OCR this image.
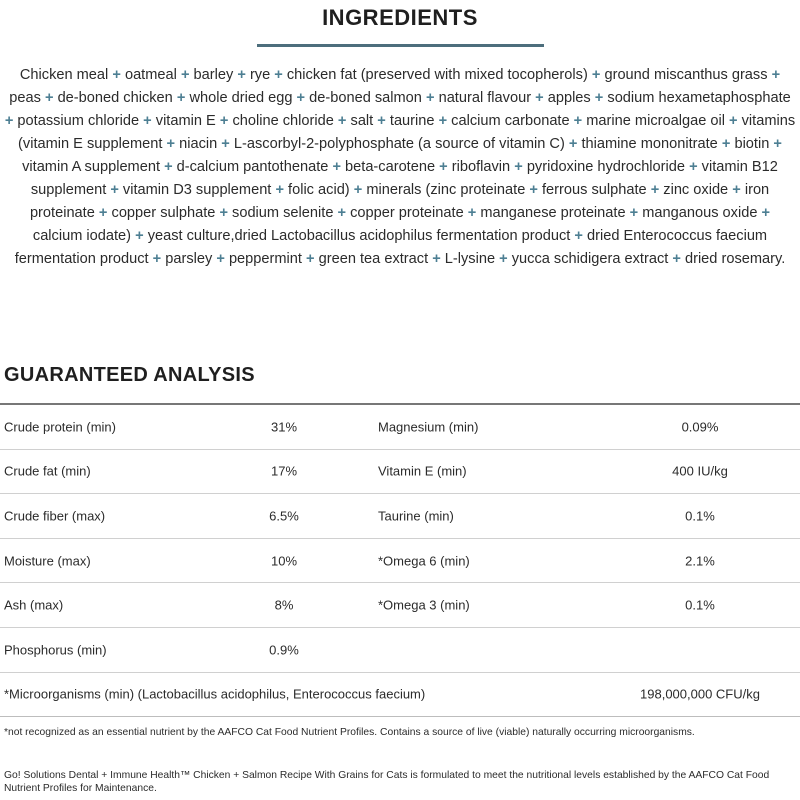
INGREDIENTS
Chicken meal + oatmeal + barley + rye + chicken fat (preserved with mixed tocopherols) + ground miscanthus grass + peas + de-boned chicken + whole dried egg + de-boned salmon + natural flavour + apples + sodium hexametaphosphate + potassium chloride + vitamin E + choline chloride + salt + taurine + calcium carbonate + marine microalgae oil + vitamins (vitamin E supplement + niacin + L-ascorbyl-2-polyphosphate (a source of vitamin C) + thiamine mononitrate + biotin + vitamin A supplement + d-calcium pantothenate + beta-carotene + riboflavin + pyridoxine hydrochloride + vitamin B12 supplement + vitamin D3 supplement + folic acid) + minerals (zinc proteinate + ferrous sulphate + zinc oxide + iron proteinate + copper sulphate + sodium selenite + copper proteinate + manganese proteinate + manganous oxide + calcium iodate) + yeast culture,dried Lactobacillus acidophilus fermentation product + dried Enterococcus faecium fermentation product + parsley + peppermint + green tea extract + L-lysine + yucca schidigera extract + dried rosemary.
GUARANTEED ANALYSIS
Crude protein (min)	31%	Magnesium (min)	0.09%
Crude fat (min)	17%	Vitamin E (min)	400 IU/kg
Crude fiber (max)	6.5%	Taurine (min)	0.1%
Moisture (max)	10%	*Omega 6 (min)	2.1%
Ash (max)	8%	*Omega 3 (min)	0.1%
Phosphorus (min)	0.9%
*Microorganisms (min) (Lactobacillus acidophilus, Enterococcus faecium)	198,000,000 CFU/kg
*not recognized as an essential nutrient by the AAFCO Cat Food Nutrient Profiles. Contains a source of live (viable) naturally occurring microorganisms.
Go! Solutions Dental + Immune Health™ Chicken + Salmon Recipe With Grains for Cats is formulated to meet the nutritional levels established by the AAFCO Cat Food Nutrient Profiles for Maintenance.
